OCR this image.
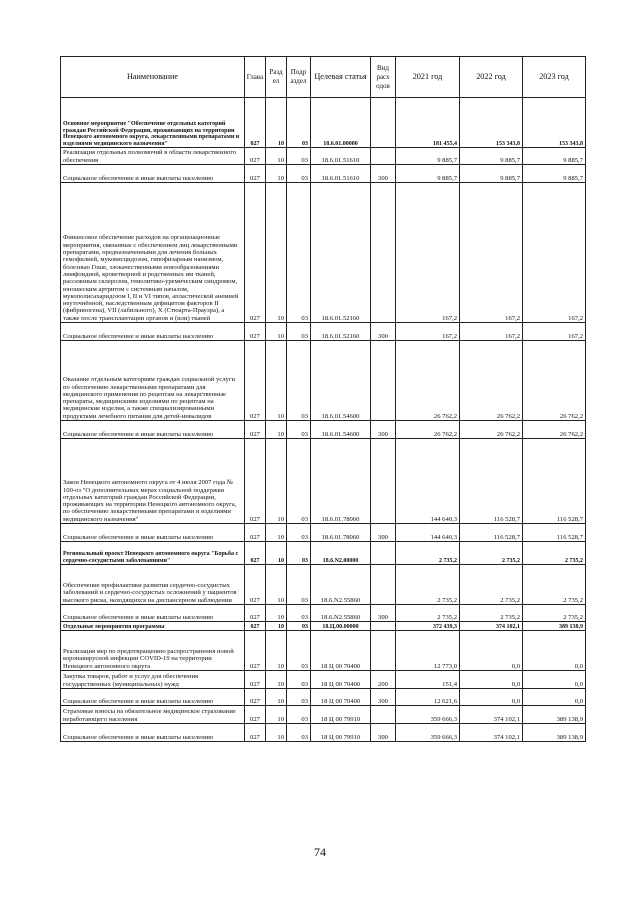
Наименование	Глава	Разд ел	Подр аздел	Целевая статья	Вид расх одов	2021 год	2022 год	2023 год
Основное мероприятие "Обеспечение отдельных категорий граждан Российской Федерации, проживающих на территории Ненецкого автономного округа, лекарственными препаратами и изделиями медицинского назначения"	027	10	03	18.6.01.00000		181 455,4	153 343,8	153 343,8
Реализация отдельных полномочий в области лекарственного обеспечения	027	10	03	18.6.01.51610		9 885,7	9 885,7	9 885,7
Социальное обеспечение и иные выплаты населению	027	10	03	18.6.01.51610	300	9 885,7	9 885,7	9 885,7
Финансовое обеспечение расходов на организационные мероприятия, связанные с обеспечением лиц лекарственными препаратами, предназначенными для лечения больных гемофилией, муковисцидозом, гипофизарным нанизмом, болезнью Гоше, злокачественными новообразованиями лимфоидной, кроветворной и родственных им тканей, рассеянным склерозом, гемолитико-уремическим синдромом, юношеским артритом с системным началом, мукополисахаридозом I, II и VI типов, апластической анемией неуточнённой, наследственным дефицитом факторов II (фибриногена), VII (лабильного), X (Стюарта-Прауэра), а также после трансплантации органов и (или) тканей	027	10	03	18.6.01.52160		167,2	167,2	167,2
Социальное обеспечение и иные выплаты населению	027	10	03	18.6.01.52160	300	167,2	167,2	167,2
Оказание отдельным категориям граждан социальной услуги по обеспечению лекарственными препаратами для медицинского применения по рецептам на лекарственные препараты, медицинскими изделиями по рецептам на медицинские изделия, а также специализированными продуктами лечебного питания для детей-инвалидов	027	10	03	18.6.01.54600		26 762,2	26 762,2	26 762,2
Социальное обеспечение и иные выплаты населению	027	10	03	18.6.01.54600	300	26 762,2	26 762,2	26 762,2
Закон Ненецкого автономного округа от 4 июля 2007 года № 100-оз "О дополнительных мерах социальной поддержки отдельных категорий граждан Российской Федерации, проживающих на территории Ненецкого автономного округа, по обеспечению лекарственными препаратами и изделиями медицинского назначения"	027	10	03	18.6.01.78060		144 640,3	116 528,7	116 528,7
Социальное обеспечение и иные выплаты населению	027	10	03	18.6.01.78060	300	144 640,3	116 528,7	116 528,7
Региональный проект Ненецкого автономного округа "Борьба с сердечно-сосудистыми заболеваниями"	027	10	03	18.6.N2.00000		2 735,2	2 735,2	2 735,2
Обеспечение профилактики развития сердечно-сосудистых заболеваний и сердечно-сосудистых осложнений у пациентов высокого риска, находящихся на диспансерном наблюдении	027	10	03	18.6.N2.55860		2 735,2	2 735,2	2 735,2
Социальное обеспечение и иные выплаты населению	027	10	03	18.6.N2.55860	300	2 735,2	2 735,2	2 735,2
Отдельные мероприятия программы	027	10	03	18.Ц.00.00000		372 439,3	374 102,1	389 138,9
Реализация мер по предотвращению распространения новой коронавирусной инфекции COVID-19 на территории Ненецкого автономного округа	027	10	03	18 Ц 00 70400		12 773,0	0,0	0,0
Закупка товаров, работ и услуг для обеспечения государственных (муниципальных) нужд	027	10	03	18 Ц 00 70400	200	151,4	0,0	0,0
Социальное обеспечение и иные выплаты населению	027	10	03	18 Ц 00 70400	300	12 621,6	0,0	0,0
Страховые взносы на обязательное медицинское страхование неработающего населения	027	10	03	18 Ц 00 79910		359 666,3	374 102,1	389 138,9
Социальное обеспечение и иные выплаты населению	027	10	03	18 Ц 00 79910	300	359 666,3	374 102,1	389 138,9
74
